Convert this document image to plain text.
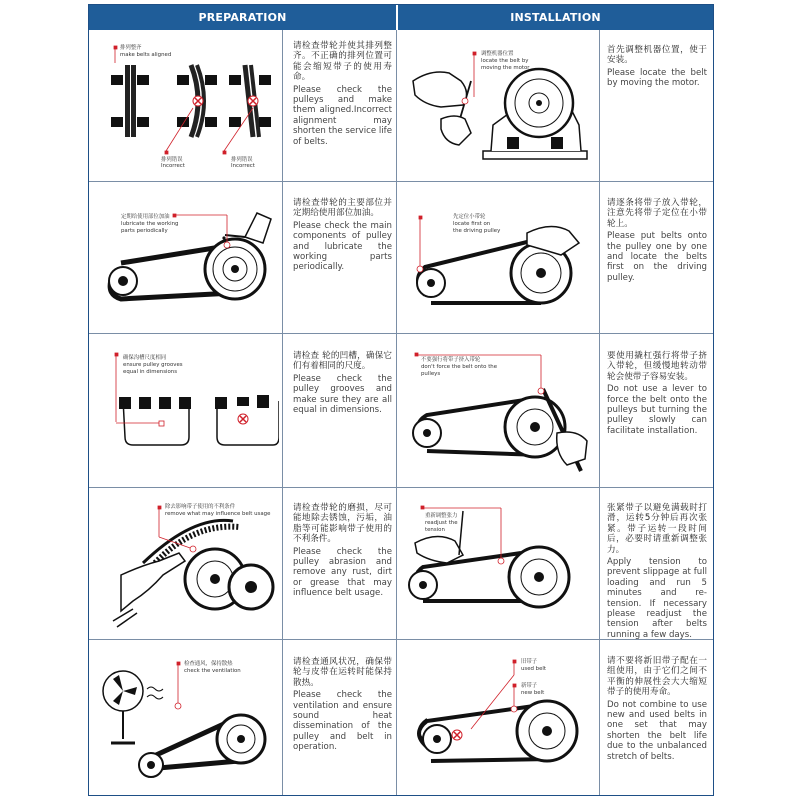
PREPARATION	INSTALLATION
排列整齐
make belts aligned
排列错误
Incorrect
排列错误
Incorrect
请检查带轮并使其排列整齐。不正确的排列位置可能会缩短带子的使用寿命。
Please check the pulleys and make them aligned.Incorrect alignment may shorten the service life of belts.
定期给使用部位加油
lubricate the working
parts periodically
请检查带轮的主要部位并定期给使用部位加油。
Please check the main components of pulley and lubricate the working parts periodically.
确保沟槽尺度相同
ensure pulley grooves
equal in dimensions
请检查 轮的凹槽，确保它们有着相同的尺度。
Please check the pulley grooves and make sure they are all equal in dimensions.
除去影响带子使用的不利条件
remove what may influence belt usage
请检查带轮的磨损，尽可能地除去锈蚀，污垢，油脂等可能影响带子使用的不利条件。
Please check the pulley abrasion and remove any rust, dirt or grease that may influence belt usage.
检查通风，保持散热
check the ventilation
请检查通风状况，确保带轮与皮带在运转时能保持散热。
Please check the ventilation and ensure sound heat dissemination of the pulley and belt in operation.
调整机器位置
locate the belt by
moving the motor
首先调整机器位置，使于安装。
Please locate the belt by moving the motor.
先定位小带轮
locate first on
the driving pulley
请逐条将带子放入带轮，注意先将带子定位在小带轮上。
Please put belts onto the pulley one by one and locate the belts first on the driving pulley.
不要强行将带子挤入带轮
don't force the belt onto the
pulleys
要使用撬杠强行将带子挤入带轮，但缓慢地转动带轮会使带子容易安装。
Do not use a lever to force the belt onto the pulleys but turning the pulley slowly can facilitate installation.
重新调整张力
readjust the
tension
张紧带子以避免满载时打滑，运转5分钟后再次张紧。带子运转一段时间后，必要时请重新调整张力。
Apply tension to prevent slippage at full loading and run 5 minutes and re-tension. If necessary please readjust the tension after belts running a few days.
旧带子
used belt
新带子
new belt
请不要将新旧带子配在一组使用，由于它们之间不平衡的伸展性会大大缩短带子的使用寿命。
Do not combine to use new and used belts in one set that may shorten the belt life due to the unbalanced stretch of belts.
